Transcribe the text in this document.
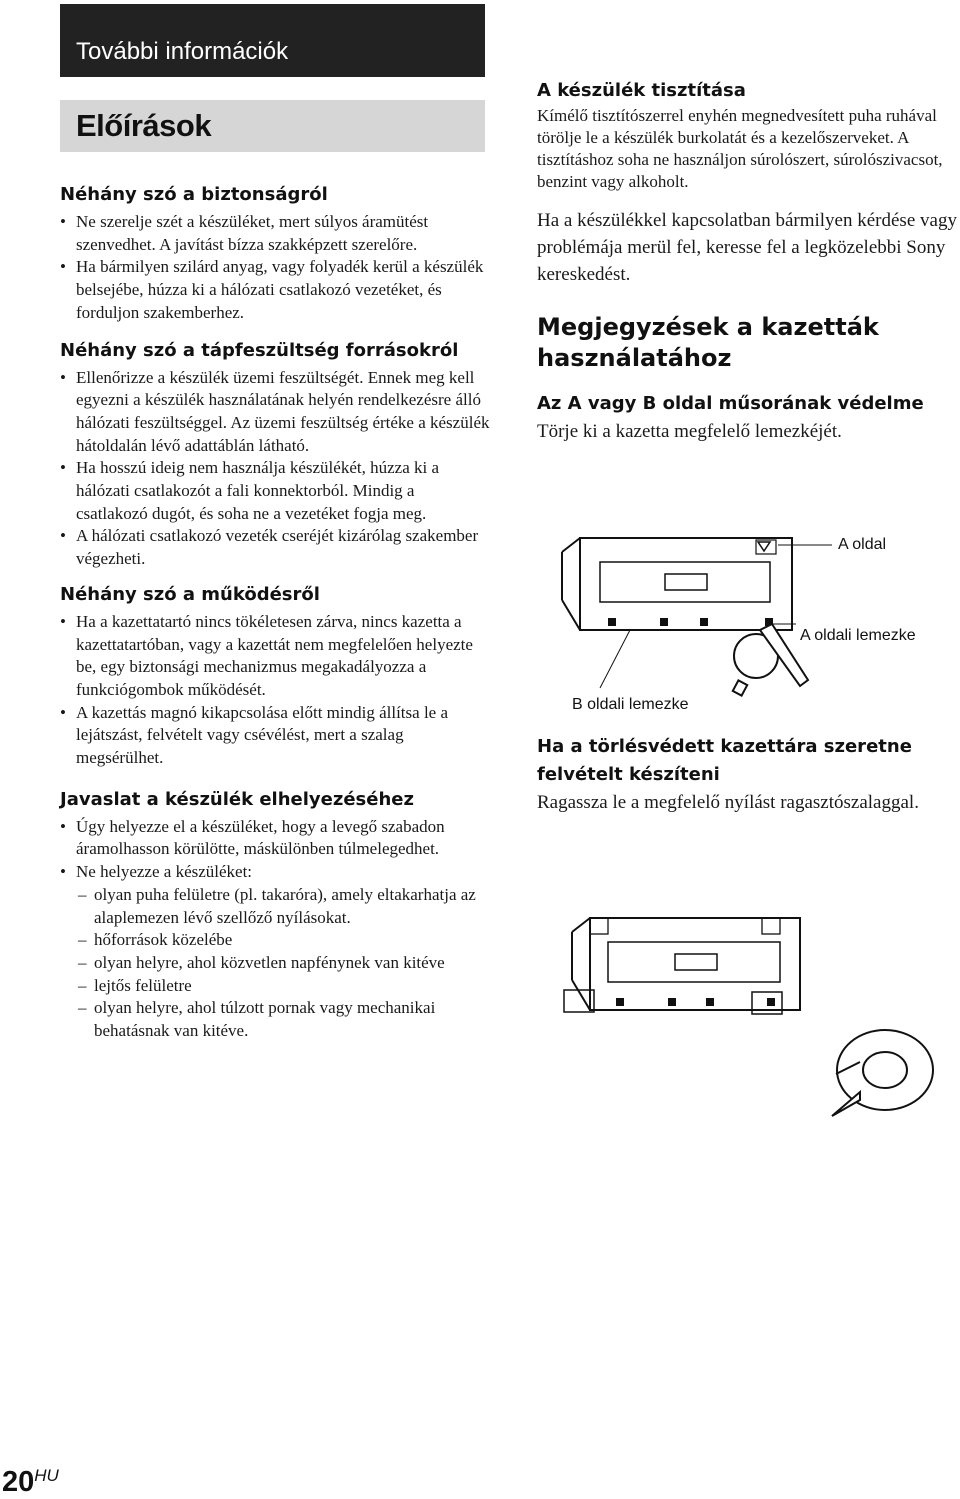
További információk
Előírások
Néhány szó a biztonságról
• Ne szerelje szét a készüléket, mert súlyos áramütést szenvedhet. A javítást bízza szakképzett szerelőre.
• Ha bármilyen szilárd anyag, vagy folyadék kerül a készülék belsejébe, húzza ki a hálózati csatlakozó vezetéket, és forduljon szakemberhez.
Néhány szó a tápfeszültség forrásokról
• Ellenőrizze a készülék üzemi feszültségét. Ennek meg kell egyezni a készülék használatának helyén rendelkezésre álló hálózati feszültséggel. Az üzemi feszültség értéke a készülék hátoldalán lévő adattáblán látható.
• Ha hosszú ideig nem használja készülékét, húzza ki a hálózati csatlakozót a fali konnektorból. Mindig a csatlakozó dugót, és soha ne a vezetéket fogja meg.
• A hálózati csatlakozó vezeték cseréjét kizárólag szakember végezheti.
Néhány szó a működésről
• Ha a kazettatartó nincs tökéletesen zárva, nincs kazetta a kazettatartóban, vagy a kazettát nem megfelelően helyezte be, egy biztonsági mechanizmus megakadályozza a funkciógombok működését.
• A kazettás magnó kikapcsolása előtt mindig állítsa le a lejátszást, felvételt vagy csévélést, mert a szalag megsérülhet.
Javaslat a készülék elhelyezéséhez
• Úgy helyezze el a készüléket, hogy a levegő szabadon áramolhasson körülötte, máskülönben túlmelegedhet.
• Ne helyezze a készüléket:
– olyan puha felületre (pl. takaróra), amely eltakarhatja az alaplemezen lévő szellőző nyílásokat.
– hőforrások közelébe
– olyan helyre, ahol közvetlen napfénynek van kitéve
– lejtős felületre
– olyan helyre, ahol túlzott pornak vagy mechanikai behatásnak van kitéve.
A készülék tisztítása

Kímélő tisztítószerrel enyhén megnedvesített puha ruhával törölje le a készülék burkolatát és a kezelőszerveket. A tisztításhoz soha ne használjon súrolószert, súrolószivacsot, benzint vagy alkoholt.

Ha a készülékkel kapcsolatban bármilyen kérdése vagy problémája merül fel, keresse fel a legközelebbi Sony kereskedést.

Megjegyzések a kazetták használatához
Az A vagy B oldal műsorának védelme

Törje ki a kazetta megfelelő lemezkéjét.

A oldal
A oldali lemezke
B oldali lemezke
Ha a törlésvédett kazettára szeretne felvételt készíteni

Ragassza le a megfelelő nyílást ragasztószalaggal.

$20^{HU}$
